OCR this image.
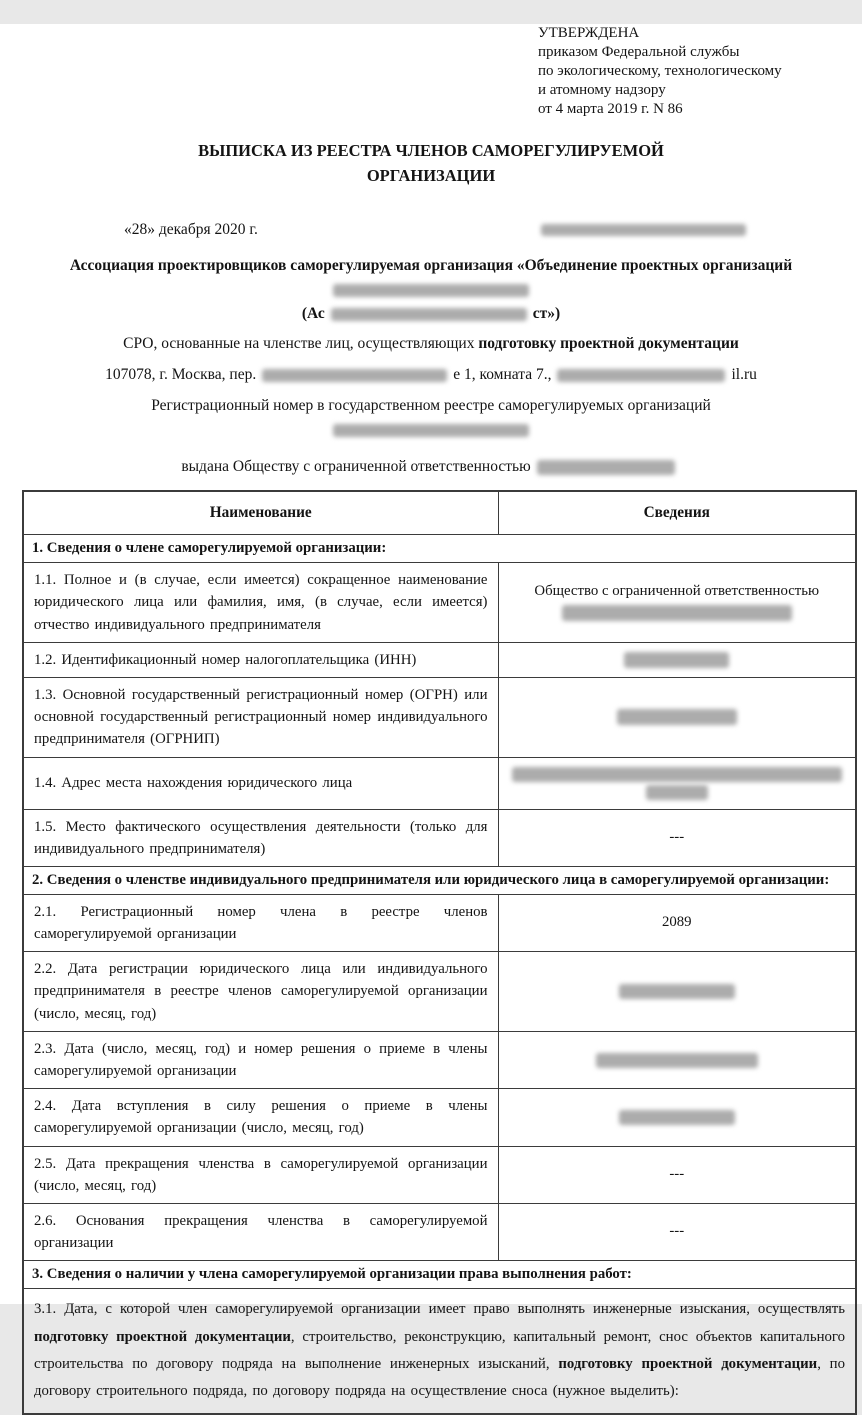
УТВЕРЖДЕНА
приказом Федеральной службы
по экологическому, технологическому
и атомному надзору
от 4 марта 2019 г. N 86
ВЫПИСКА ИЗ РЕЕСТРА ЧЛЕНОВ САМОРЕГУЛИРУЕМОЙ
ОРГАНИЗАЦИИ
«28» декабря 2020 г.
Ассоциация проектировщиков саморегулируемая организация «Объединение проектных организаций
(Ас	ст»)
СРО, основанные на членстве лиц, осуществляющих подготовку проектной документации
107078, г. Москва, пер.	е 1, комната 7.,	il.ru
Регистрационный номер в государственном реестре саморегулируемых организаций
выдана Обществу с ограниченной ответственностью
Наименование	Сведения
1. Сведения о члене саморегулируемой организации:	
1.1. Полное и (в случае, если имеется) сокращенное наименование юридического лица или фамилия, имя, (в случае, если имеется) отчество индивидуального предпринимателя	Общество с ограниченной ответственностью

1.2. Идентификационный номер налогоплательщика (ИНН)	

1.3. Основной государственный регистрационный номер (ОГРН) или основной государственный регистрационный номер индивидуального предпринимателя (ОГРНИП)	

1.4. Адрес места нахождения юридического лица	

1.5. Место фактического осуществления деятельности (только для индивидуального предпринимателя)	---

2. Сведения о членстве индивидуального предпринимателя или юридического лица в саморегулируемой организации:	
2.1. Регистрационный номер члена в реестре членов саморегулируемой организации	2089

2.2. Дата регистрации юридического лица или индивидуального предпринимателя в реестре членов саморегулируемой организации (число, месяц, год)	

2.3. Дата (число, месяц, год) и номер решения о приеме в члены саморегулируемой организации	

2.4. Дата вступления в силу решения о приеме в члены саморегулируемой организации (число, месяц, год)	

2.5. Дата прекращения членства в саморегулируемой организации (число, месяц, год)	---

2.6. Основания прекращения членства в саморегулируемой организации	---

3. Сведения о наличии у члена саморегулируемой организации права выполнения работ:	
3.1. Дата, с которой член саморегулируемой организации имеет право выполнять инженерные изыскания, осуществлять подготовку проектной документации, строительство, реконструкцию, капитальный ремонт, снос объектов капитального строительства по договору подряда на выполнение инженерных изысканий, подготовку проектной документации, по договору строительного подряда, по договору подряда на осуществление сноса (нужное выделить):	
